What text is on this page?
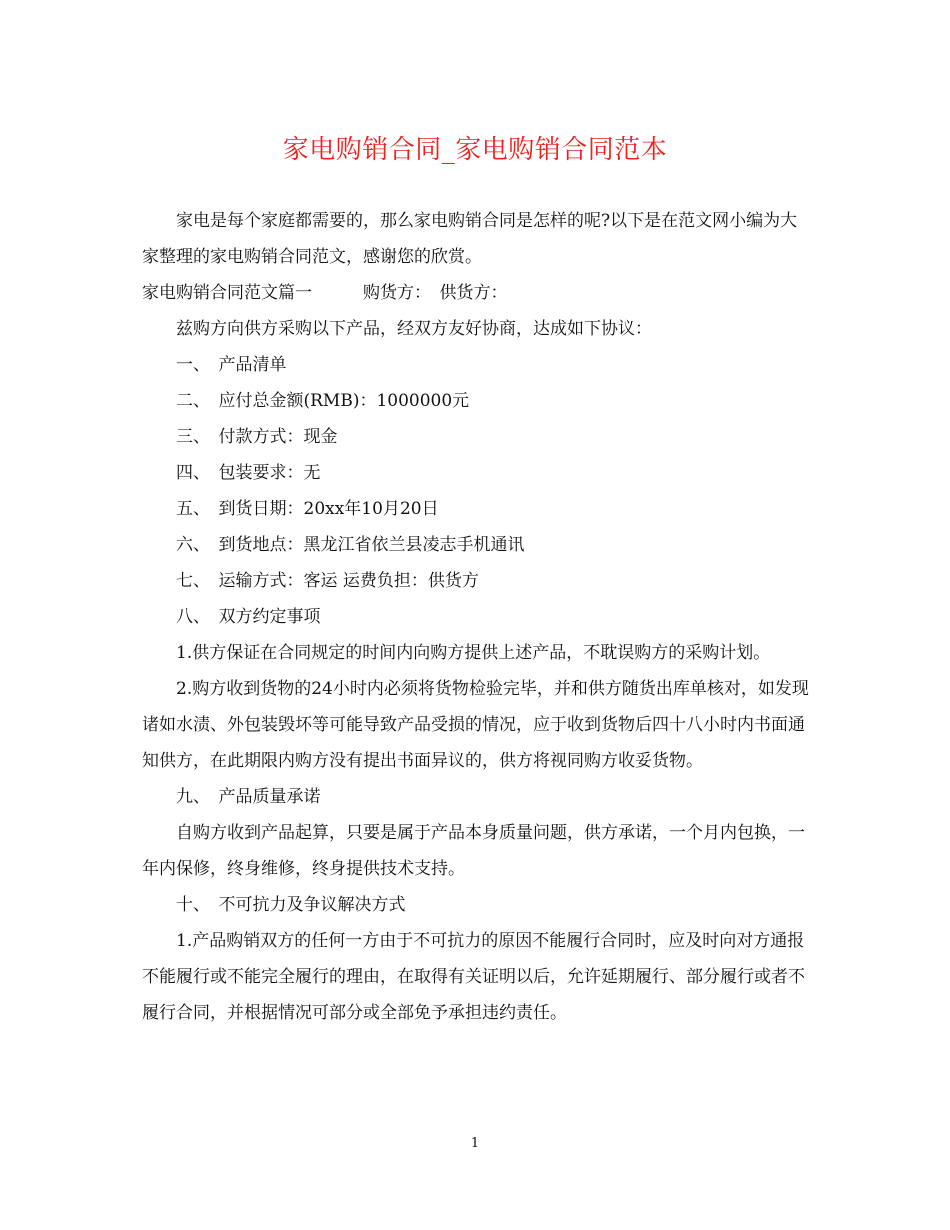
家电购销合同_家电购销合同范本

家电是每个家庭都需要的，那么家电购销合同是怎样的呢?以下是在范文网小编为大家整理的家电购销合同范文，感谢您的欣赏。

家电购销合同范文篇一　　　购货方：　供货方：

兹购方向供方采购以下产品，经双方友好协商，达成如下协议：

一、　产品清单

二、　应付总金额(RMB)：1000000元

三、　付款方式：现金

四、　包装要求：无

五、　到货日期：20xx年10月20日

六、　到货地点：黑龙江省依兰县凌志手机通讯

七、　运输方式：客运 运费负担：供货方

八、　双方约定事项

1.供方保证在合同规定的时间内向购方提供上述产品，不耽误购方的采购计划。

2.购方收到货物的24小时内必须将货物检验完毕，并和供方随货出库单核对，如发现诸如水渍、外包装毁坏等可能导致产品受损的情况，应于收到货物后四十八小时内书面通知供方，在此期限内购方没有提出书面异议的，供方将视同购方收妥货物。

九、　产品质量承诺

自购方收到产品起算，只要是属于产品本身质量问题，供方承诺，一个月内包换，一年内保修，终身维修，终身提供技术支持。

十、　不可抗力及争议解决方式

1.产品购销双方的任何一方由于不可抗力的原因不能履行合同时，应及时向对方通报不能履行或不能完全履行的理由，在取得有关证明以后，允许延期履行、部分履行或者不履行合同，并根据情况可部分或全部免予承担违约责任。

1
